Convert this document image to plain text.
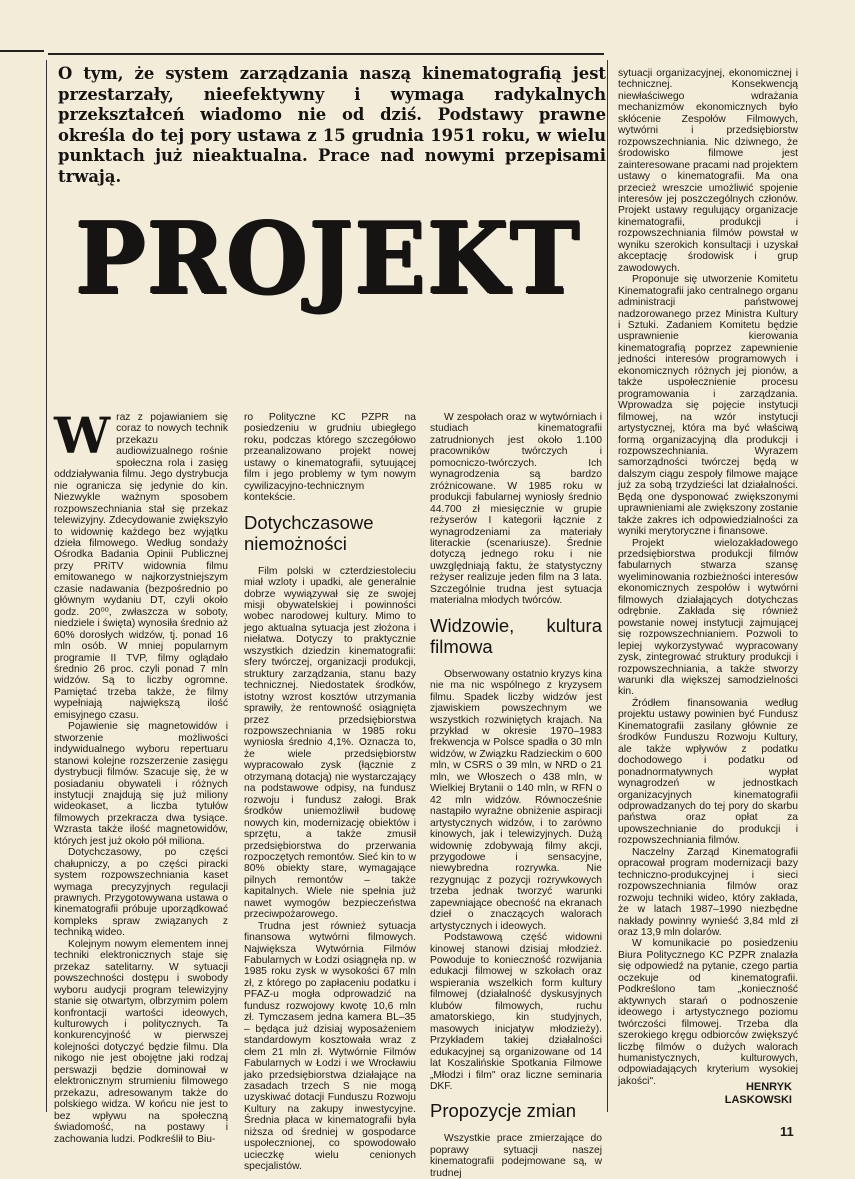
O tym, że system zarządzania naszą kinematografią jest przestarzały, nieefektywny i wymaga radykalnych przekształceń wiadomo nie od dziś. Podstawy prawne określa do tej pory ustawa z 15 grudnia 1951 roku, w wielu punktach już nieaktualna. Prace nad nowymi przepisami trwają.

PROJEKT
W raz z pojawianiem się coraz to nowych technik przekazu audiowizualnego rośnie społeczna rola i zasięg oddziaływania filmu. Jego dystrybucja nie ogranicza się jedynie do kin. Niezwykle ważnym sposobem rozpowszechniania stał się przekaz telewizyjny. Zdecydowanie zwiększyło to widownię każdego bez wyjątku dzieła filmowego. Według sondaży Ośrodka Badania Opinii Publicznej przy PRiTV widownia filmu emitowanego w najkorzystniejszym czasie nadawania (bezpośrednio po głównym wydaniu DT, czyli około godz. 20⁰⁰, zwłaszcza w soboty, niedziele i święta) wynosiła średnio aż 60% dorosłych widzów, tj. ponad 16 mln osób. W mniej popularnym programie II TVP, filmy oglądało średnio 26 proc. czyli ponad 7 mln widzów. Są to liczby ogromne. Pamiętać trzeba także, że filmy wypełniają największą ilość emisyjnego czasu.

Pojawienie się magnetowidów i stworzenie możliwości indywidualnego wyboru repertuaru stanowi kolejne rozszerzenie zasięgu dystrybucji filmów. Szacuje się, że w posiadaniu obywateli i różnych instytucji znajdują się już miliony wideokaset, a liczba tytułów filmowych przekracza dwa tysiące. Wzrasta także ilość magnetowidów, których jest już około pół miliona.

Dotychczasowy, po części chałupniczy, a po części piracki system rozpowszechniania kaset wymaga precyzyjnych regulacji prawnych. Przygotowywana ustawa o kinematografii próbuje uporządkować kompleks spraw związanych z techniką wideo.

Kolejnym nowym elementem innej techniki elektronicznych staje się przekaz satelitarny. W sytuacji powszechności dostępu i swobody wyboru audycji program telewizyjny stanie się otwartym, olbrzymim polem konfrontacji wartości ideowych, kulturowych i politycznych. Ta konkurencyjność w pierwszej kolejności dotyczyć będzie filmu. Dla nikogo nie jest obojętne jaki rodzaj perswazji będzie dominował w elektronicznym strumieniu filmowego przekazu, adresowanym także do polskiego widza. W końcu nie jest to bez wpływu na społeczną świadomość, na postawy i zachowania ludzi. Podkreślił to Biu-

ro Polityczne KC PZPR na posiedzeniu w grudniu ubiegłego roku, podczas którego szczegółowo przeanalizowano projekt nowej ustawy o kinematografii, sytuującej film i jego problemy w tym nowym cywilizacyjno-technicznym kontekście.

Dotychczasowe niemożności

Film polski w czterdziestoleciu miał wzloty i upadki, ale generalnie dobrze wywiązywał się ze swojej misji obywatelskiej i powinności wobec narodowej kultury. Mimo to jego aktualna sytuacja jest złożona i niełatwa. Dotyczy to praktycznie wszystkich dziedzin kinematografii: sfery twórczej, organizacji produkcji, struktury zarządzania, stanu bazy technicznej. Niedostatek środków, istotny wzrost kosztów utrzymania sprawiły, że rentowność osiągnięta przez przedsiębiorstwa rozpowszechniania w 1985 roku wyniosła średnio 4,1%. Oznacza to, że wiele przedsiębiorstw wypracowało zysk (łącznie z otrzymaną dotacją) nie wystarczający na podstawowe odpisy, na fundusz rozwoju i fundusz załogi. Brak środków uniemożliwił budowę nowych kin, modernizację obiektów i sprzętu, a także zmusił przedsiębiorstwa do przerwania rozpoczętych remontów. Sieć kin to w 80% obiekty stare, wymagające pilnych remontów – także kapitalnych. Wiele nie spełnia już nawet wymogów bezpieczeństwa przeciwpożarowego.

Trudna jest również sytuacja finansowa wytwórni filmowych. Największa Wytwórnia Filmów Fabularnych w Łodzi osiągnęła np. w 1985 roku zysk w wysokości 67 mln zł, z którego po zapłaceniu podatku i PFAZ-u mogła odprowadzić na fundusz rozwojowy kwotę 10,6 mln zł. Tymczasem jedna kamera BL–35 – będąca już dzisiaj wyposażeniem standardowym kosztowała wraz z cłem 21 mln zł. Wytwórnie Filmów Fabularnych w Łodzi i we Wrocławiu jako przedsiębiorstwa działające na zasadach trzech S nie mogą uzyskiwać dotacji Funduszu Rozwoju Kultury na zakupy inwestycyjne. Średnia płaca w kinematografii była niższa od średniej w gospodarce uspołecznionej, co spowodowało ucieczkę wielu cenionych specjalistów.

W zespołach oraz w wytwórniach i studiach kinematografii zatrudnionych jest około 1.100 pracowników twórczych i pomocniczo-twórczych. Ich wynagrodzenia są bardzo zróżnicowane. W 1985 roku w produkcji fabularnej wyniosły średnio 44.700 zł miesięcznie w grupie reżyserów I kategorii łącznie z wynagrodzeniami za materiały literackie (scenariusze). Średnie dotyczą jednego roku i nie uwzględniają faktu, że statystyczny reżyser realizuje jeden film na 3 lata. Szczególnie trudna jest sytuacja materialna młodych twórców.

Widzowie, kultura filmowa

Obserwowany ostatnio kryzys kina nie ma nic wspólnego z kryzysem filmu. Spadek liczby widzów jest zjawiskiem powszechnym we wszystkich rozwiniętych krajach. Na przykład w okresie 1970–1983 frekwencja w Polsce spadła o 30 mln widzów, w Związku Radzieckim o 600 mln, w CSRS o 39 mln, w NRD o 21 mln, we Włoszech o 438 mln, w Wielkiej Brytanii o 140 mln, w RFN o 42 mln widzów. Równocześnie nastąpiło wyraźne obniżenie aspiracji artystycznych widzów, i to zarówno kinowych, jak i telewizyjnych. Dużą widownię zdobywają filmy akcji, przygodowe i sensacyjne, niewybredna rozrywka. Nie rezygnując z pozycji rozrywkowych trzeba jednak tworzyć warunki zapewniające obecność na ekranach dzieł o znaczących walorach artystycznych i ideowych.

Podstawową część widowni kinowej stanowi dzisiaj młodzież. Powoduje to konieczność rozwijania edukacji filmowej w szkołach oraz wspierania wszelkich form kultury filmowej (działalność dyskusyjnych klubów filmowych, ruchu amatorskiego, kin studyjnych, masowych inicjatyw młodzieży). Przykładem takiej działalności edukacyjnej są organizowane od 14 lat Koszalińskie Spotkania Filmowe „Młodzi i film" oraz liczne seminaria DKF.

Propozycje zmian

Wszystkie prace zmierzające do poprawy sytuacji naszej kinematografii podejmowane są, w trudnej

sytuacji organizacyjnej, ekonomicznej i technicznej. Konsekwencją niewłaściwego wdrażania mechanizmów ekonomicznych było skłócenie Zespołów Filmowych, wytwórni i przedsiębiorstw rozpowszechniania. Nic dziwnego, że środowisko filmowe jest zainteresowane pracami nad projektem ustawy o kinematografii. Ma ona przecież wreszcie umożliwić spojenie interesów jej poszczególnych członów. Projekt ustawy regulujący organizacje kinematografii, produkcji i rozpowszechniania filmów powstał w wyniku szerokich konsultacji i uzyskał akceptację środowisk i grup zawodowych.

Proponuje się utworzenie Komitetu Kinematografii jako centralnego organu administracji państwowej nadzorowanego przez Ministra Kultury i Sztuki. Zadaniem Komitetu będzie usprawnienie kierowania kinematografią poprzez zapewnienie jedności interesów programowych i ekonomicznych różnych jej pionów, a także uspołecznienie procesu programowania i zarządzania. Wprowadza się pojęcie instytucji filmowej, na wzór instytucji artystycznej, która ma być właściwą formą organizacyjną dla produkcji i rozpowszechniania. Wyrazem samorządności twórczej będą w dalszym ciągu zespoły filmowe mające już za sobą trzydzieści lat działalności. Będą one dysponować zwiększonymi uprawnieniami ale zwiększony zostanie także zakres ich odpowiedzialności za wyniki merytoryczne i finansowe.

Projekt wielozakładowego przedsiębiorstwa produkcji filmów fabularnych stwarza szansę wyeliminowania rozbieżności interesów ekonomicznych zespołów i wytwórni filmowych działających dotychczas odrębnie. Zakłada się również powstanie nowej instytucji zajmującej się rozpowszechnianiem. Pozwoli to lepiej wykorzystywać wypracowany zysk, zintegrować struktury produkcji i rozpowszechniania, a także stworzy warunki dla większej samodzielności kin.

Źródłem finansowania według projektu ustawy powinien być Fundusz Kinematografii zasilany głównie ze środków Funduszu Rozwoju Kultury, ale także wpływów z podatku dochodowego i podatku od ponadnormatywnych wypłat wynagrodzeń w jednostkach organizacyjnych kinematografii odprowadzanych do tej pory do skarbu państwa oraz opłat za upowszechnianie do produkcji i rozpowszechniania filmów.

Naczelny Zarząd Kinematografii opracował program modernizacji bazy techniczno-produkcyjnej i sieci rozpowszechniania filmów oraz rozwoju techniki wideo, który zakłada, że w latach 1987–1990 niezbędne nakłady powinny wynieść 3,84 mld zł oraz 13,9 mln dolarów.

W komunikacie po posiedzeniu Biura Politycznego KC PZPR znalazła się odpowiedź na pytanie, czego partia oczekuje od kinematografii. Podkreślono tam „konieczność aktywnych starań o podnoszenie ideowego i artystycznego poziomu twórczości filmowej. Trzeba dla szerokiego kręgu odbiorców zwiększyć liczbę filmów o dużych walorach humanistycznych, kulturowych, odpowiadających kryterium wysokiej jakości".	HENRYK
LASKOWSKI
11
